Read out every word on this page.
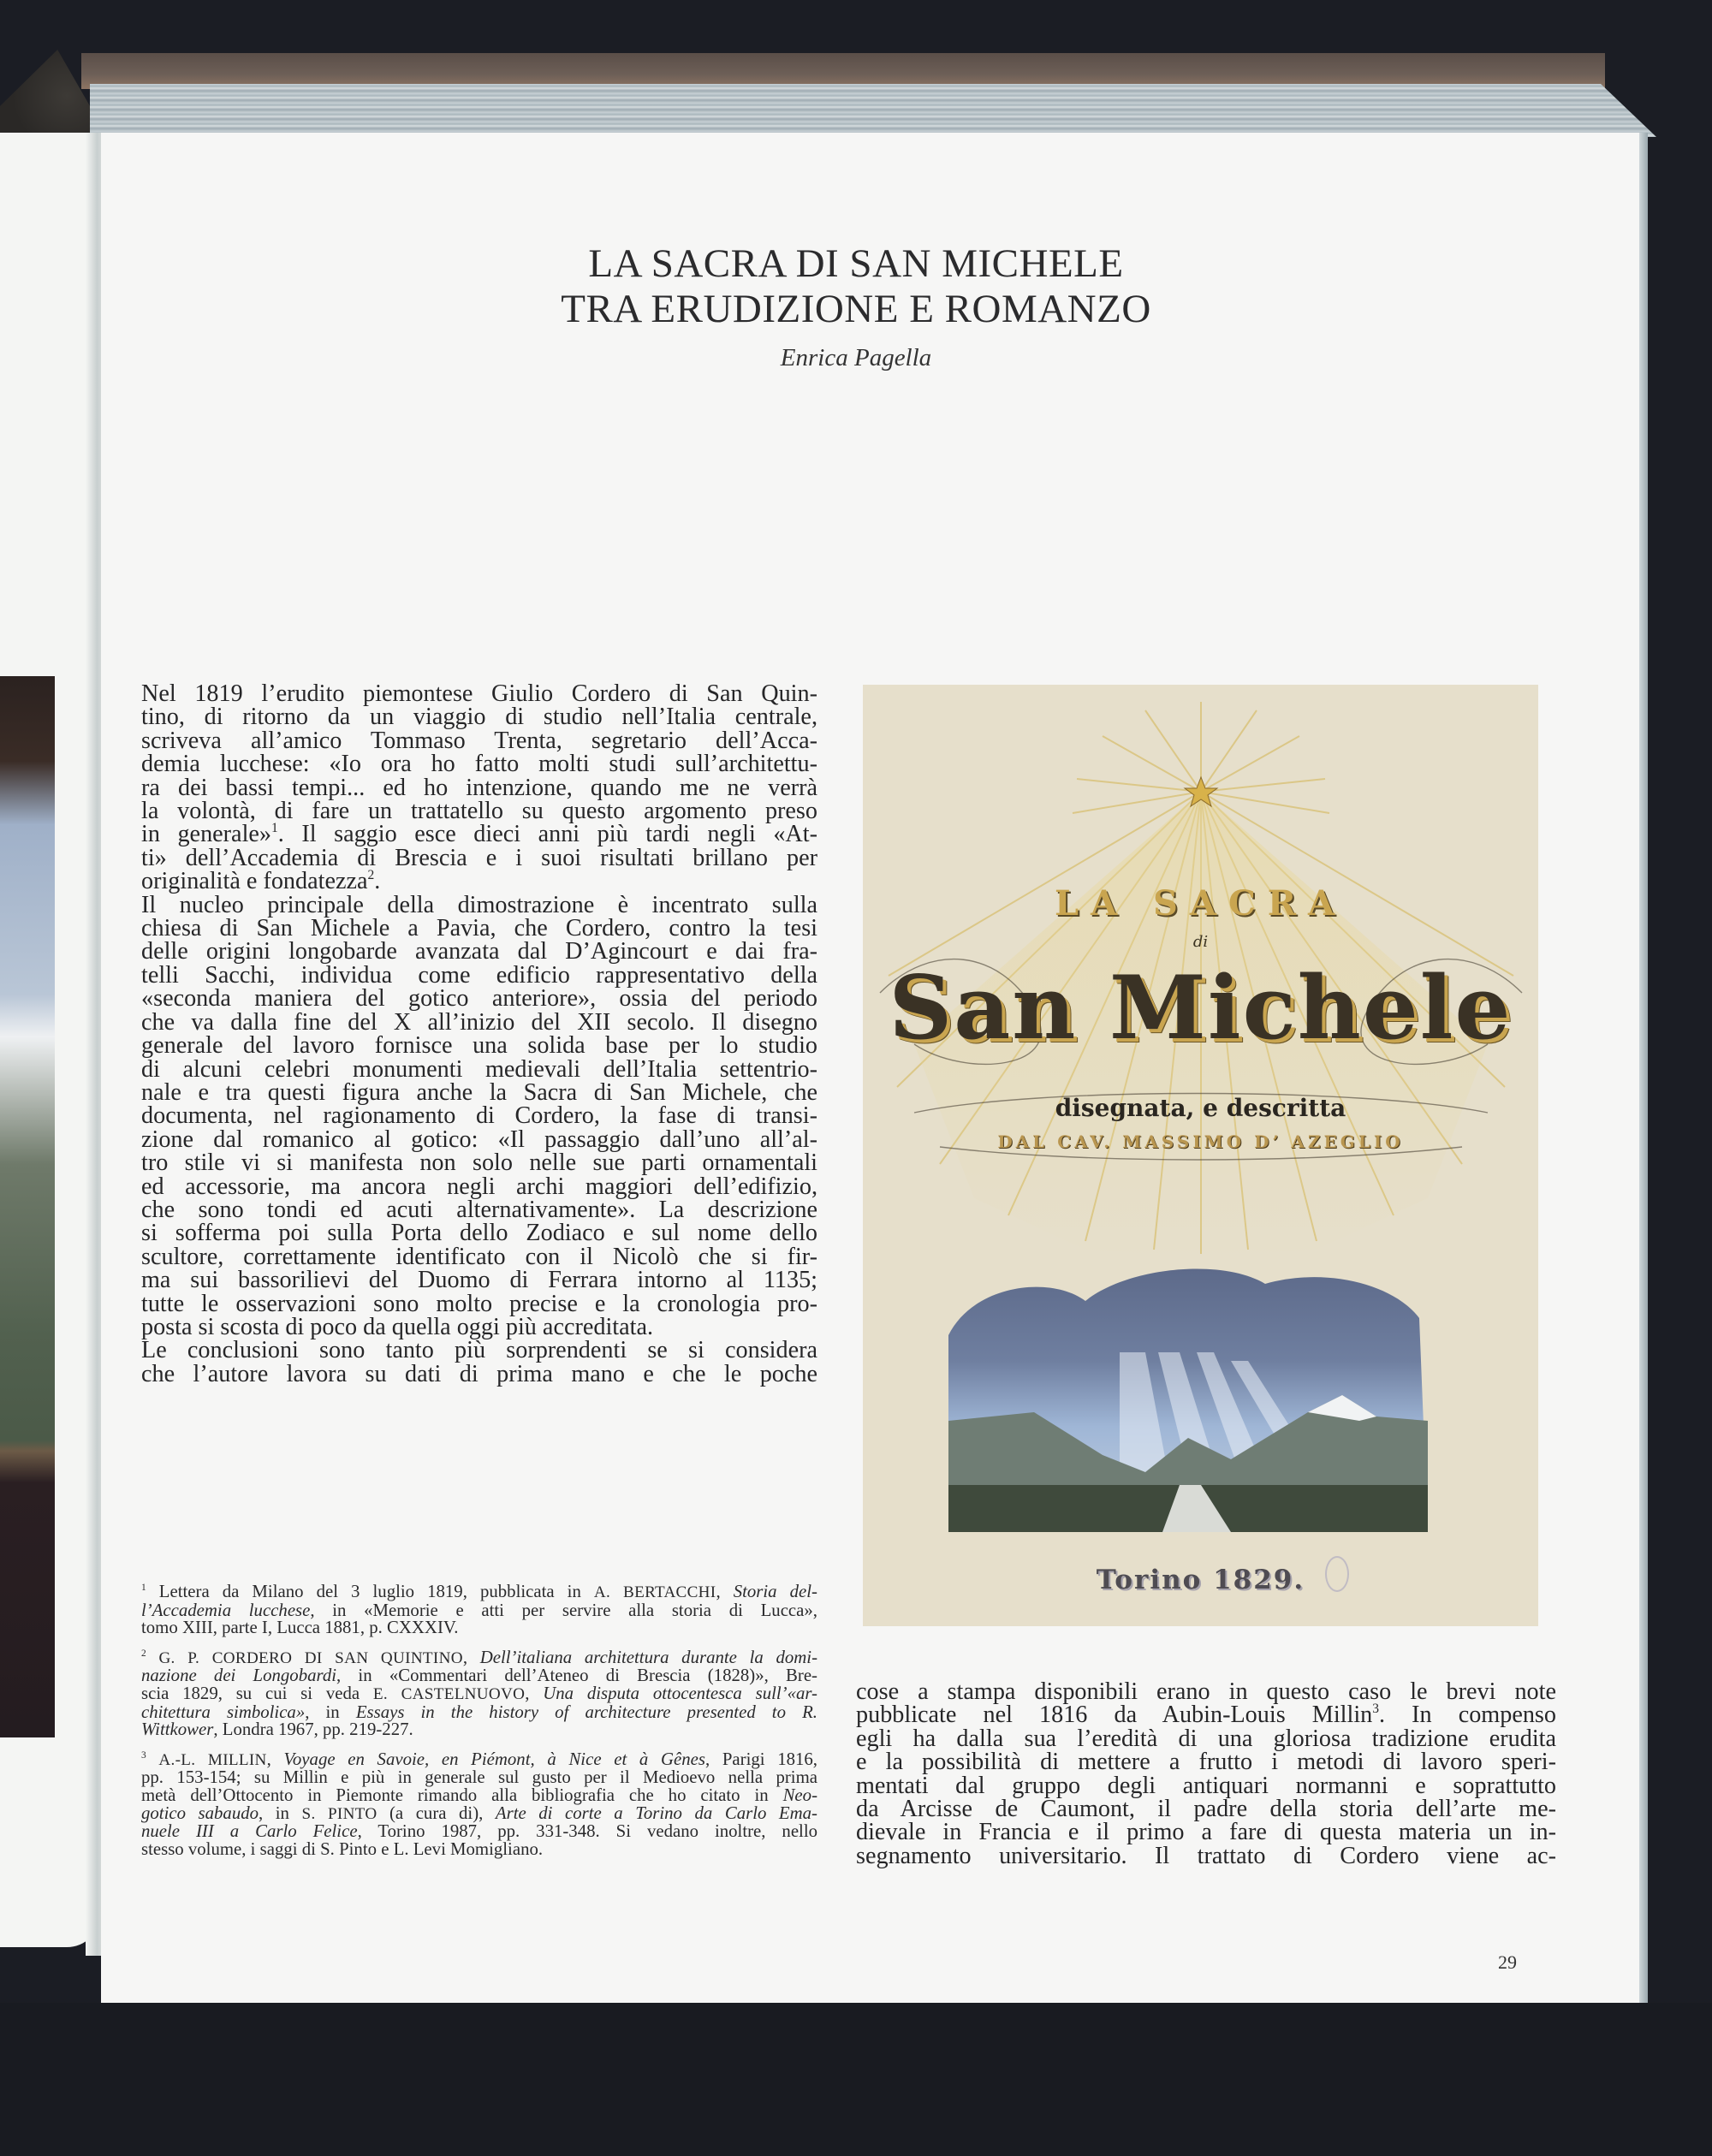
LA SACRA DI SAN MICHELE
TRA ERUDIZIONE E ROMANZO
Enrica Pagella
Nel 1819 l’erudito piemontese Giulio Cordero di San Quin-
tino, di ritorno da un viaggio di studio nell’Italia centrale,
scriveva all’amico Tommaso Trenta, segretario dell’Acca-
demia lucchese: «Io ora ho fatto molti studi sull’architettu-
ra dei bassi tempi... ed ho intenzione, quando me ne verrà
la volontà, di fare un trattatello su questo argomento preso
in generale»$^1$. Il saggio esce dieci anni più tardi negli «At-
ti» dell’Accademia di Brescia e i suoi risultati brillano per
originalità e fondatezza$^2$.
Il nucleo principale della dimostrazione è incentrato sulla
chiesa di San Michele a Pavia, che Cordero, contro la tesi
delle origini longobarde avanzata dal D’Agincourt e dai fra-
telli Sacchi, individua come edificio rappresentativo della
«seconda maniera del gotico anteriore», ossia del periodo
che va dalla fine del X all’inizio del XII secolo. Il disegno
generale del lavoro fornisce una solida base per lo studio
di alcuni celebri monumenti medievali dell’Italia settentrio-
nale e tra questi figura anche la Sacra di San Michele, che
documenta, nel ragionamento di Cordero, la fase di transi-
zione dal romanico al gotico: «Il passaggio dall’uno all’al-
tro stile vi si manifesta non solo nelle sue parti ornamentali
ed accessorie, ma ancora negli archi maggiori dell’edifizio,
che sono tondi ed acuti alternativamente». La descrizione
si sofferma poi sulla Porta dello Zodiaco e sul nome dello
scultore, correttamente identificato con il Nicolò che si fir-
ma sui bassorilievi del Duomo di Ferrara intorno al 1135;
tutte le osservazioni sono molto precise e la cronologia pro-
posta si scosta di poco da quella oggi più accreditata.
Le conclusioni sono tanto più sorprendenti se si considera
che l’autore lavora su dati di prima mano e che le poche
$^1$ Lettera da Milano del 3 luglio 1819, pubblicata in A. BERTACCHI, Storia del-
l’Accademia lucchese, in «Memorie e atti per servire alla storia di Lucca»,
tomo XIII, parte I, Lucca 1881, p. CXXXIV.
$^2$ G. P. CORDERO DI SAN QUINTINO, Dell’italiana architettura durante la domi-
nazione dei Longobardi, in «Commentari dell’Ateneo di Brescia (1828)», Bre-
scia 1829, su cui si veda E. CASTELNUOVO, Una disputa ottocentesca sull’«ar-
chitettura simbolica», in Essays in the history of architecture presented to R.
Wittkower, Londra 1967, pp. 219-227.
$^3$ A.-L. MILLIN, Voyage en Savoie, en Piémont, à Nice et à Gênes, Parigi 1816,
pp. 153-154; su Millin e più in generale sul gusto per il Medioevo nella prima
metà dell’Ottocento in Piemonte rimando alla bibliografia che ho citato in Neo-
gotico sabaudo, in S. PINTO (a cura di), Arte di corte a Torino da Carlo Ema-
nuele III a Carlo Felice, Torino 1987, pp. 331-348. Si vedano inoltre, nello
stesso volume, i saggi di S. Pinto e L. Levi Momigliano.
LA SACRA
di
San Michele
disegnata, e descritta
DAL CAV. MASSIMO D’ AZEGLIO
Torino 1829.
cose a stampa disponibili erano in questo caso le brevi note
pubblicate nel 1816 da Aubin-Louis Millin$^3$. In compenso
egli ha dalla sua l’eredità di una gloriosa tradizione erudita
e la possibilità di mettere a frutto i metodi di lavoro speri-
mentati dal gruppo degli antiquari normanni e soprattutto
da Arcisse de Caumont, il padre della storia dell’arte me-
dievale in Francia e il primo a fare di questa materia un in-
segnamento universitario. Il trattato di Cordero viene ac-
29
